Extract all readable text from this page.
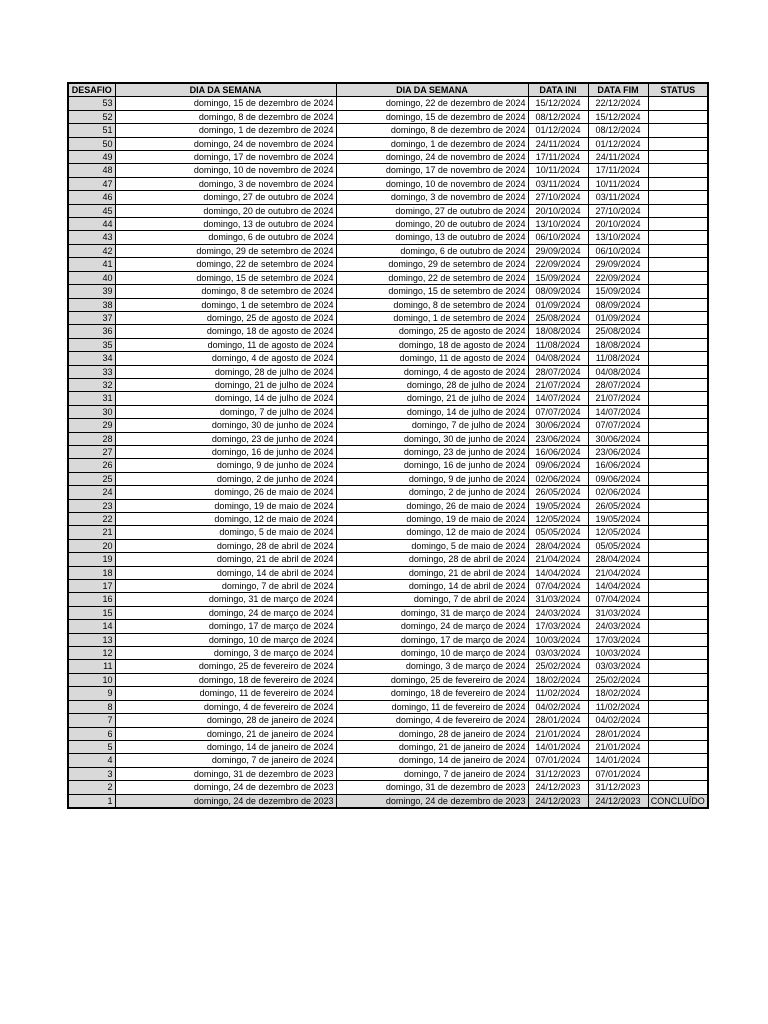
DESAFIO	DIA DA SEMANA	DIA DA SEMANA	DATA INI	DATA FIM	STATUS
53	domingo, 15 de dezembro de 2024	domingo, 22 de dezembro de 2024	15/12/2024	22/12/2024	
52	domingo, 8 de dezembro de 2024	domingo, 15 de dezembro de 2024	08/12/2024	15/12/2024	
51	domingo, 1 de dezembro de 2024	domingo, 8 de dezembro de 2024	01/12/2024	08/12/2024	
50	domingo, 24 de novembro de 2024	domingo, 1 de dezembro de 2024	24/11/2024	01/12/2024	
49	domingo, 17 de novembro de 2024	domingo, 24 de novembro de 2024	17/11/2024	24/11/2024	
48	domingo, 10 de novembro de 2024	domingo, 17 de novembro de 2024	10/11/2024	17/11/2024	
47	domingo, 3 de novembro de 2024	domingo, 10 de novembro de 2024	03/11/2024	10/11/2024	
46	domingo, 27 de outubro de 2024	domingo, 3 de novembro de 2024	27/10/2024	03/11/2024	
45	domingo, 20 de outubro de 2024	domingo, 27 de outubro de 2024	20/10/2024	27/10/2024	
44	domingo, 13 de outubro de 2024	domingo, 20 de outubro de 2024	13/10/2024	20/10/2024	
43	domingo, 6 de outubro de 2024	domingo, 13 de outubro de 2024	06/10/2024	13/10/2024	
42	domingo, 29 de setembro de 2024	domingo, 6 de outubro de 2024	29/09/2024	06/10/2024	
41	domingo, 22 de setembro de 2024	domingo, 29 de setembro de 2024	22/09/2024	29/09/2024	
40	domingo, 15 de setembro de 2024	domingo, 22 de setembro de 2024	15/09/2024	22/09/2024	
39	domingo, 8 de setembro de 2024	domingo, 15 de setembro de 2024	08/09/2024	15/09/2024	
38	domingo, 1 de setembro de 2024	domingo, 8 de setembro de 2024	01/09/2024	08/09/2024	
37	domingo, 25 de agosto de 2024	domingo, 1 de setembro de 2024	25/08/2024	01/09/2024	
36	domingo, 18 de agosto de 2024	domingo, 25 de agosto de 2024	18/08/2024	25/08/2024	
35	domingo, 11 de agosto de 2024	domingo, 18 de agosto de 2024	11/08/2024	18/08/2024	
34	domingo, 4 de agosto de 2024	domingo, 11 de agosto de 2024	04/08/2024	11/08/2024	
33	domingo, 28 de julho de 2024	domingo, 4 de agosto de 2024	28/07/2024	04/08/2024	
32	domingo, 21 de julho de 2024	domingo, 28 de julho de 2024	21/07/2024	28/07/2024	
31	domingo, 14 de julho de 2024	domingo, 21 de julho de 2024	14/07/2024	21/07/2024	
30	domingo, 7 de julho de 2024	domingo, 14 de julho de 2024	07/07/2024	14/07/2024	
29	domingo, 30 de junho de 2024	domingo, 7 de julho de 2024	30/06/2024	07/07/2024	
28	domingo, 23 de junho de 2024	domingo, 30 de junho de 2024	23/06/2024	30/06/2024	
27	domingo, 16 de junho de 2024	domingo, 23 de junho de 2024	16/06/2024	23/06/2024	
26	domingo, 9 de junho de 2024	domingo, 16 de junho de 2024	09/06/2024	16/06/2024	
25	domingo, 2 de junho de 2024	domingo, 9 de junho de 2024	02/06/2024	09/06/2024	
24	domingo, 26 de maio de 2024	domingo, 2 de junho de 2024	26/05/2024	02/06/2024	
23	domingo, 19 de maio de 2024	domingo, 26 de maio de 2024	19/05/2024	26/05/2024	
22	domingo, 12 de maio de 2024	domingo, 19 de maio de 2024	12/05/2024	19/05/2024	
21	domingo, 5 de maio de 2024	domingo, 12 de maio de 2024	05/05/2024	12/05/2024	
20	domingo, 28 de abril de 2024	domingo, 5 de maio de 2024	28/04/2024	05/05/2024	
19	domingo, 21 de abril de 2024	domingo, 28 de abril de 2024	21/04/2024	28/04/2024	
18	domingo, 14 de abril de 2024	domingo, 21 de abril de 2024	14/04/2024	21/04/2024	
17	domingo, 7 de abril de 2024	domingo, 14 de abril de 2024	07/04/2024	14/04/2024	
16	domingo, 31 de março de 2024	domingo, 7 de abril de 2024	31/03/2024	07/04/2024	
15	domingo, 24 de março de 2024	domingo, 31 de março de 2024	24/03/2024	31/03/2024	
14	domingo, 17 de março de 2024	domingo, 24 de março de 2024	17/03/2024	24/03/2024	
13	domingo, 10 de março de 2024	domingo, 17 de março de 2024	10/03/2024	17/03/2024	
12	domingo, 3 de março de 2024	domingo, 10 de março de 2024	03/03/2024	10/03/2024	
11	domingo, 25 de fevereiro de 2024	domingo, 3 de março de 2024	25/02/2024	03/03/2024	
10	domingo, 18 de fevereiro de 2024	domingo, 25 de fevereiro de 2024	18/02/2024	25/02/2024	
9	domingo, 11 de fevereiro de 2024	domingo, 18 de fevereiro de 2024	11/02/2024	18/02/2024	
8	domingo, 4 de fevereiro de 2024	domingo, 11 de fevereiro de 2024	04/02/2024	11/02/2024	
7	domingo, 28 de janeiro de 2024	domingo, 4 de fevereiro de 2024	28/01/2024	04/02/2024	
6	domingo, 21 de janeiro de 2024	domingo, 28 de janeiro de 2024	21/01/2024	28/01/2024	
5	domingo, 14 de janeiro de 2024	domingo, 21 de janeiro de 2024	14/01/2024	21/01/2024	
4	domingo, 7 de janeiro de 2024	domingo, 14 de janeiro de 2024	07/01/2024	14/01/2024	
3	domingo, 31 de dezembro de 2023	domingo, 7 de janeiro de 2024	31/12/2023	07/01/2024	
2	domingo, 24 de dezembro de 2023	domingo, 31 de dezembro de 2023	24/12/2023	31/12/2023	
1	domingo, 24 de dezembro de 2023	domingo, 24 de dezembro de 2023	24/12/2023	24/12/2023	CONCLUÍDO
